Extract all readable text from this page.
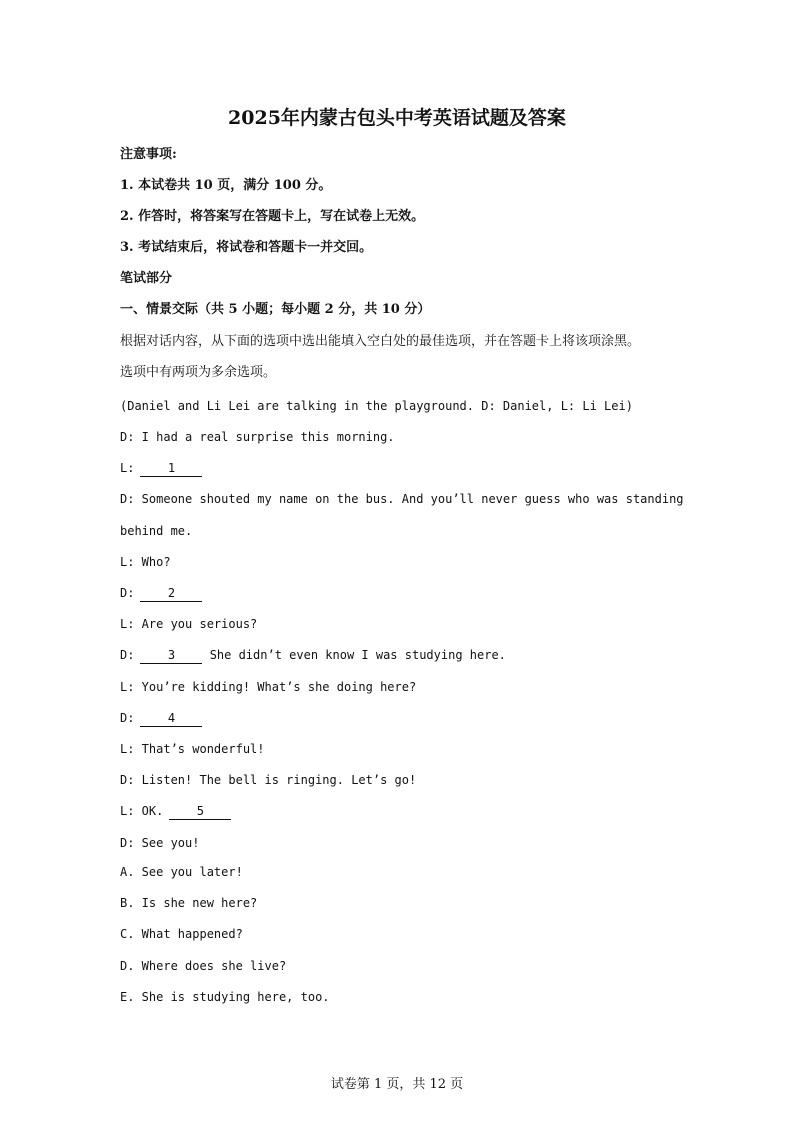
2025年内蒙古包头中考英语试题及答案
注意事项:
1. 本试卷共 10 页，满分 100 分。
2. 作答时，将答案写在答题卡上，写在试卷上无效。
3. 考试结束后，将试卷和答题卡一并交回。
笔试部分
一、情景交际（共 5 小题；每小题 2 分，共 10 分）
根据对话内容，从下面的选项中选出能填入空白处的最佳选项，并在答题卡上将该项涂黑。
选项中有两项为多余选项。
(Daniel and Li Lei are talking in the playground. D: Daniel, L: Li Lei)
D: I had a real surprise this morning.
L:	1
D: Someone shouted my name on the bus. And you’ll never guess who was standing
behind me.
L: Who?
D:	2
L: Are you serious?
D:	3	She didn’t even know I was studying here.
L: You’re kidding! What’s she doing here?
D:	4
L: That’s wonderful!
D: Listen! The bell is ringing. Let’s go!
L: OK.	5
D: See you!
A. See you later!
B. Is she new here?
C. What happened?
D. Where does she live?
E. She is studying here, too.
试卷第 1 页，共 12 页
